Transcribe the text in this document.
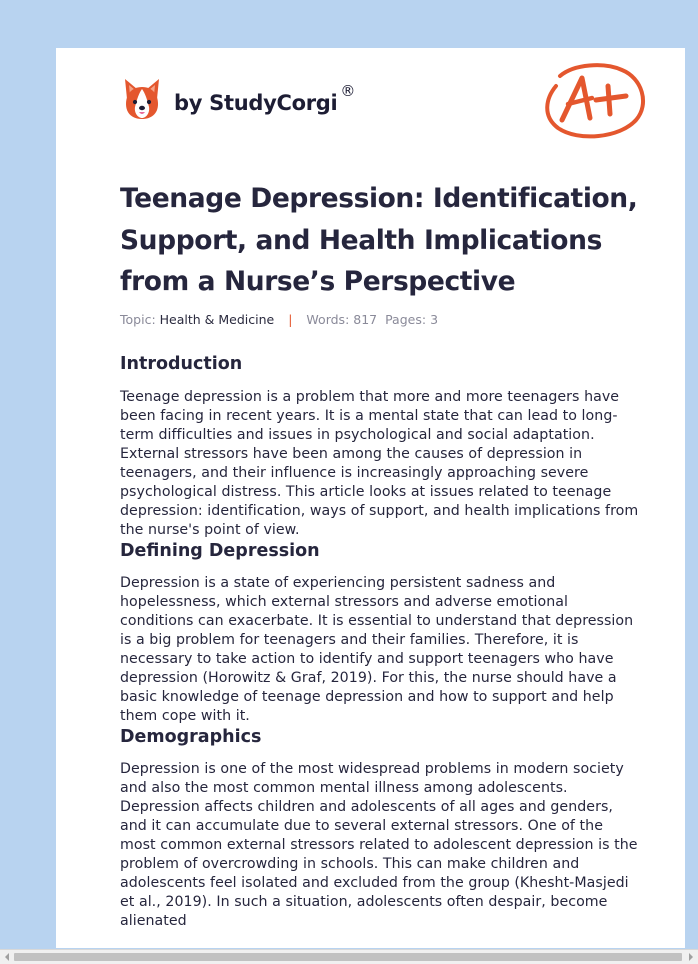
by StudyCorgi ®
Teenage Depression: Identification, Support, and Health Implications from a Nurse’s Perspective
Topic: Health & Medicine | Words: 817 Pages: 3
Introduction

Teenage depression is a problem that more and more teenagers have been facing in recent years. It is a mental state that can lead to long-term difficulties and issues in psychological and social adaptation. External stressors have been among the causes of depression in teenagers, and their influence is increasingly approaching severe psychological distress. This article looks at issues related to teenage depression: identification, ways of support, and health implications from the nurse's point of view.

Defining Depression

Depression is a state of experiencing persistent sadness and hopelessness, which external stressors and adverse emotional conditions can exacerbate. It is essential to understand that depression is a big problem for teenagers and their families. Therefore, it is necessary to take action to identify and support teenagers who have depression (Horowitz & Graf, 2019). For this, the nurse should have a basic knowledge of teenage depression and how to support and help them cope with it.

Demographics

Depression is one of the most widespread problems in modern society and also the most common mental illness among adolescents. Depression affects children and adolescents of all ages and genders, and it can accumulate due to several external stressors. One of the most common external stressors related to adolescent depression is the problem of overcrowding in schools. This can make children and adolescents feel isolated and excluded from the group (Khesht-Masjedi et al., 2019). In such a situation, adolescents often despair, become alienated
